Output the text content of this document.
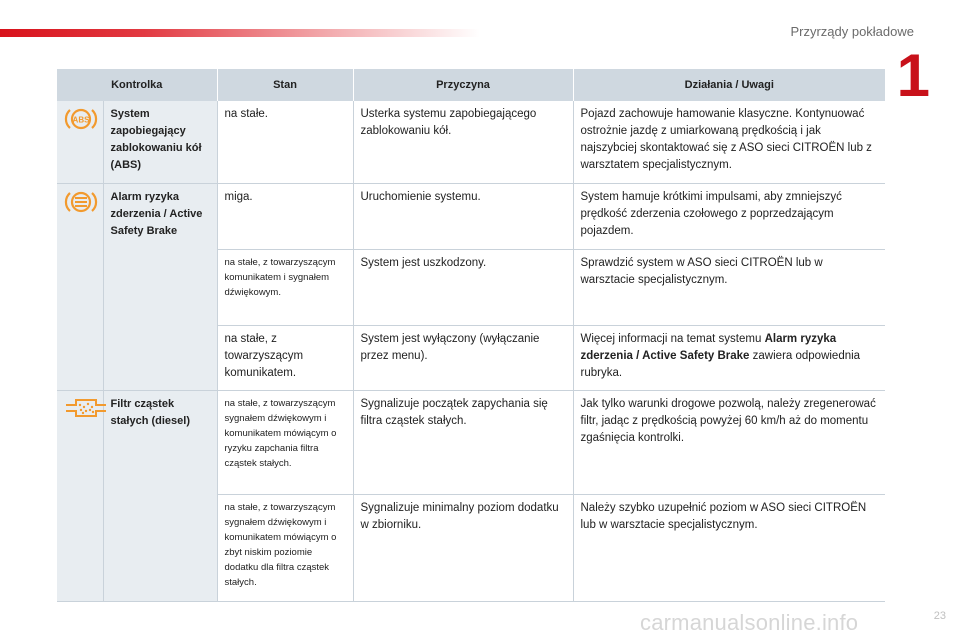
Przyrządy pokładowe
1
Kontrolka		Stan	Przyczyna	Działania / Uwagi

ABS	System zapobiegający zablokowaniu kół (ABS)	na stałe.	Usterka systemu zapobiegającego zablokowaniu kół.	Pojazd zachowuje hamowanie klasyczne. Kontynuować ostrożnie jazdę z umiarkowaną prędkością i jak najszybciej skontaktować się z ASO sieci CITROËN lub z warsztatem specjalistycznym.
	Alarm ryzyka zderzenia / Active Safety Brake	miga.	Uruchomienie systemu.	System hamuje krótkimi impulsami, aby zmniejszyć prędkość zderzenia czołowego z poprzedzającym pojazdem.
		na stałe, z towarzyszącym komunikatem i sygnałem dźwiękowym.	System jest uszkodzony.	Sprawdzić system w ASO sieci CITROËN lub w warsztacie specjalistycznym.
		na stałe, z towarzyszącym komunikatem.	System jest wyłączony (wyłączanie przez menu).	Więcej informacji na temat systemu Alarm ryzyka zderzenia / Active Safety Brake zawiera odpowiednia rubryka.
	Filtr cząstek stałych (diesel)	na stałe, z towarzyszącym sygnałem dźwiękowym i komunikatem mówiącym o ryzyku zapchania filtra cząstek stałych.	Sygnalizuje początek zapychania się filtra cząstek stałych.	Jak tylko warunki drogowe pozwolą, należy zregenerować filtr, jadąc z prędkością powyżej 60 km/h aż do momentu zgaśnięcia kontrolki.
		na stałe, z towarzyszącym sygnałem dźwiękowym i komunikatem mówiącym o zbyt niskim poziomie dodatku dla filtra cząstek stałych.	Sygnalizuje minimalny poziom dodatku w zbiorniku.	Należy szybko uzupełnić poziom w ASO sieci CITROËN lub w warsztacie specjalistycznym.
carmanualsonline.info	23
